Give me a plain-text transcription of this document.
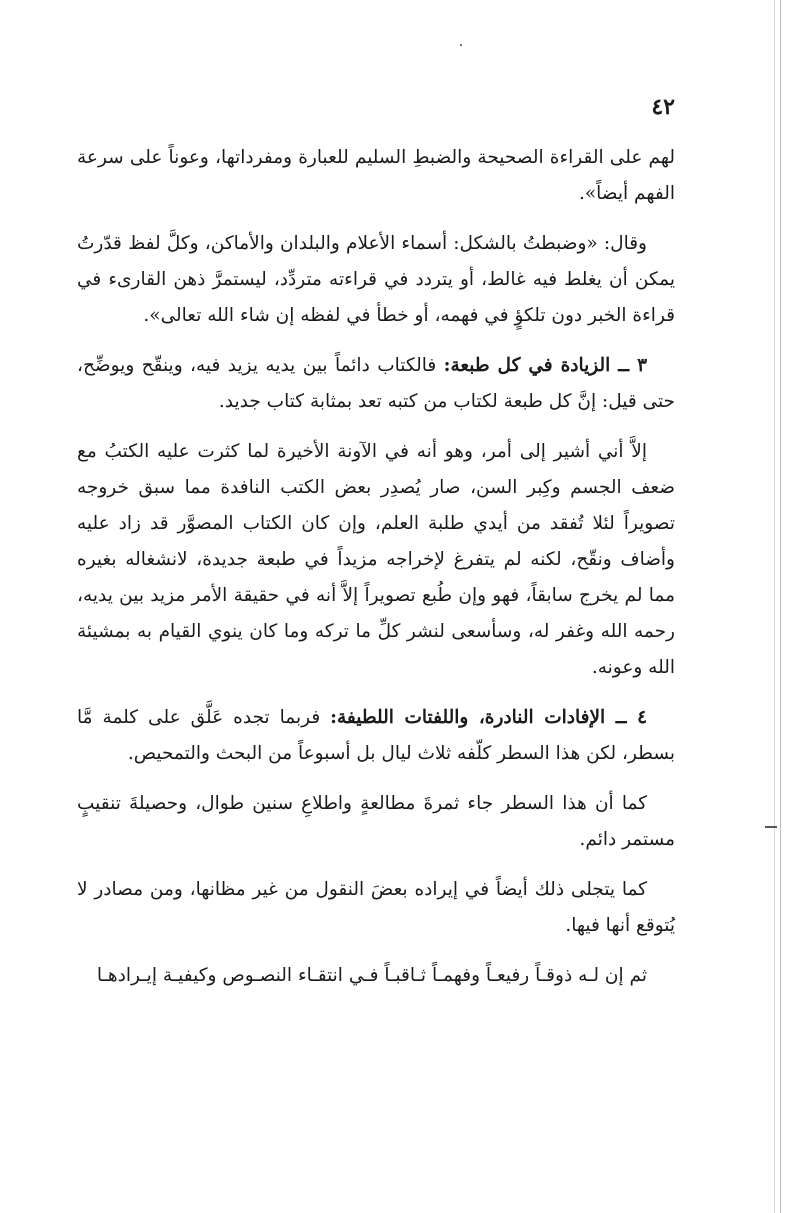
٤٢

لهم على القراءة الصحيحة والضبطِ السليم للعبارة ومفرداتها، وعوناً على سرعة الفهم أيضاً».

وقال: «وضبطتُ بالشكل: أسماء الأعلام والبلدان والأماكن، وكلَّ لفظ قدّرتُ يمكن أن يغلط فيه غالط، أو يتردد في قراءته متردِّد، ليستمرَّ ذهن القارىء في قراءة الخبر دون تلكؤٍ في فهمه، أو خطأ في لفظه إن شاء الله تعالى».

٣ ــ الزيادة في كل طبعة: فالكتاب دائماً بين يديه يزيد فيه، وينقّح ويوضِّح، حتى قيل: إنَّ كل طبعة لكتاب من كتبه تعد بمثابة كتاب جديد.

إلاَّ أني أشير إلى أمر، وهو أنه في الآونة الأخيرة لما كثرت عليه الكتبُ مع ضعف الجسم وكِبر السن، صار يُصدِر بعض الكتب النافدة مما سبق خروجه تصويراً لئلا تُفقد من أيدي طلبة العلم، وإن كان الكتاب المصوَّر قد زاد عليه وأضاف ونقّح، لكنه لم يتفرغ لإخراجه مزيداً في طبعة جديدة، لانشغاله بغيره مما لم يخرج سابقاً، فهو وإن طُبع تصويراً إلاَّ أنه في حقيقة الأمر مزيد بين يديه، رحمه الله وغفر له، وسأسعى لنشر كلِّ ما تركه وما كان ينوي القيام به بمشيئة الله وعونه.

٤ ــ الإفادات النادرة، واللفتات اللطيفة: فربما تجده عَلَّق على كلمة مَّا بسطر، لكن هذا السطر كلّفه ثلاث ليال بل أسبوعاً من البحث والتمحيص.

كما أن هذا السطر جاء ثمرةَ مطالعةٍ واطلاعِ سنين طوال، وحصيلةَ تنقيبٍ مستمر دائم.

كما يتجلى ذلك أيضاً في إيراده بعضَ النقول من غير مظانها، ومن مصادر لا يُتوقع أنها فيها.

ثم إن لـه ذوقـاً رفيعـاً وفهمـاً ثـاقبـاً فـي انتقـاء النصـوص وكيفيـة إيـرادهـا
